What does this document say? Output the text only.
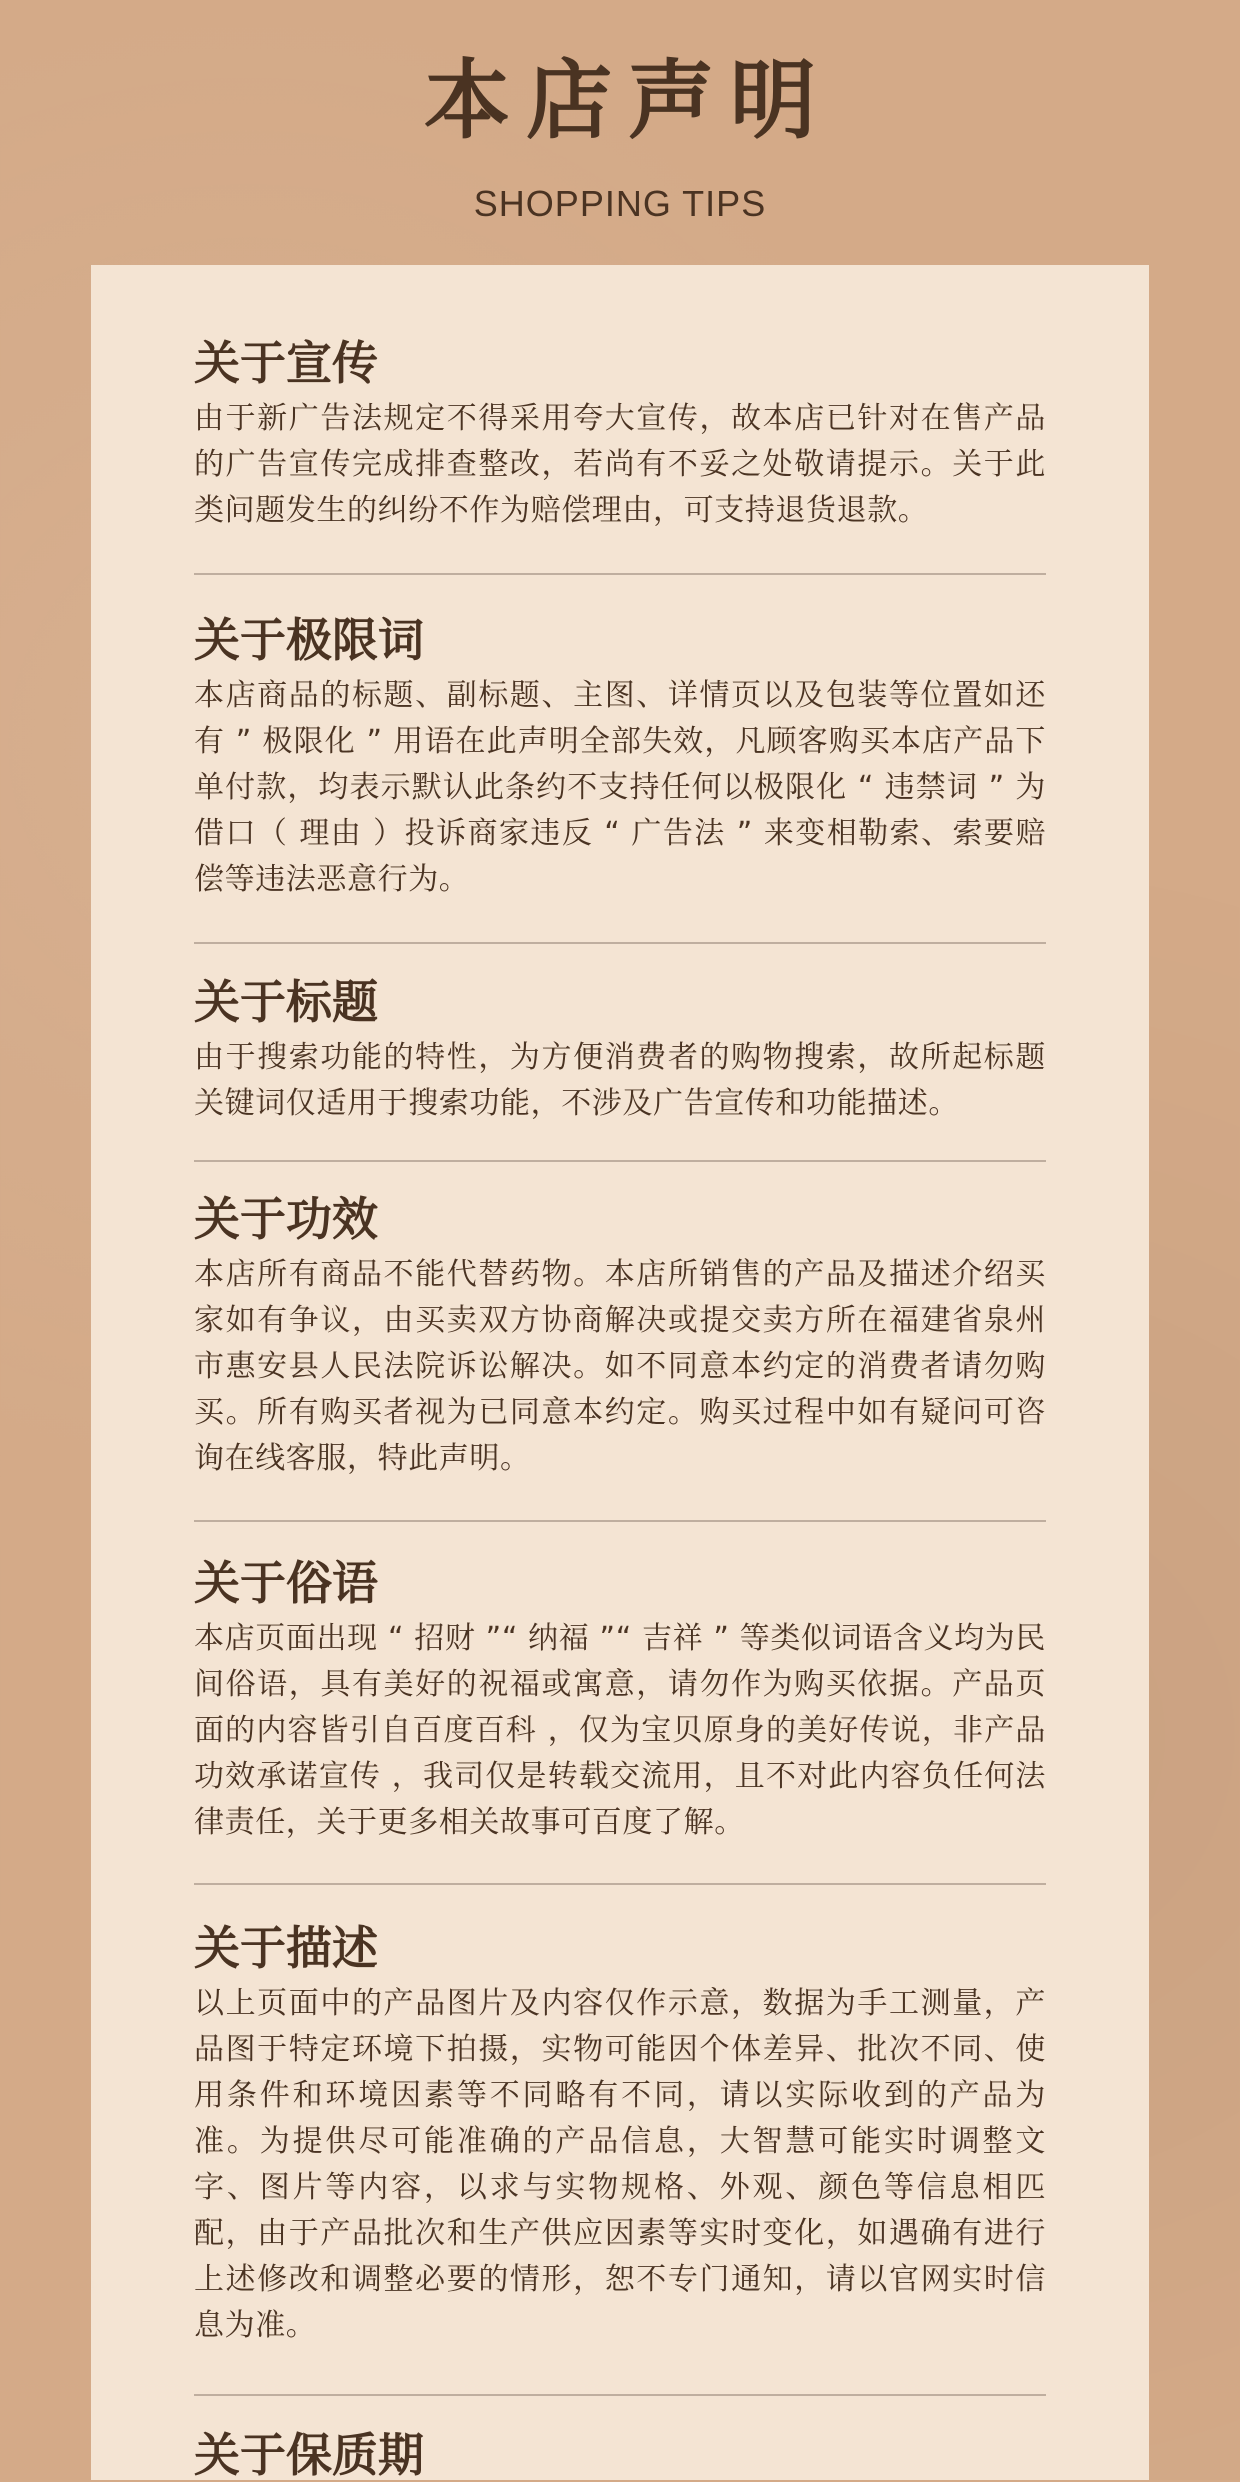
本店声明
SHOPPING TIPS
关于宣传

由于新广告法规定不得采用夸大宣传，故本店已针对在售产品的广告宣传完成排查整改，若尚有不妥之处敬请提示。关于此类问题发生的纠纷不作为赔偿理由，可支持退货退款。

关于极限词

本店商品的标题、副标题、主图、详情页以及包装等位置如还有 ” 极限化 ” 用语在此声明全部失效，凡顾客购买本店产品下单付款，均表示默认此条约不支持任何以极限化 “ 违禁词 ” 为借口（ 理由 ）投诉商家违反 “ 广告法 ” 来变相勒索、索要赔偿等违法恶意行为。

关于标题

由于搜索功能的特性，为方便消费者的购物搜索，故所起标题关键词仅适用于搜索功能，不涉及广告宣传和功能描述。

关于功效

本店所有商品不能代替药物。本店所销售的产品及描述介绍买家如有争议，由买卖双方协商解决或提交卖方所在福建省泉州市惠安县人民法院诉讼解决。如不同意本约定的消费者请勿购买。所有购买者视为已同意本约定。购买过程中如有疑问可咨询在线客服，特此声明。

关于俗语

本店页面出现 “ 招财 ”“ 纳福 ”“ 吉祥 ” 等类似词语含义均为民间俗语，具有美好的祝福或寓意，请勿作为购买依据。产品页面的内容皆引自百度百科 ，仅为宝贝原身的美好传说，非产品功效承诺宣传 ，我司仅是转载交流用，且不对此内容负任何法律责任，关于更多相关故事可百度了解。

关于描述

以上页面中的产品图片及内容仅作示意，数据为手工测量，产品图于特定环境下拍摄，实物可能因个体差异、批次不同、使用条件和环境因素等不同略有不同，请以实际收到的产品为准。为提供尽可能准确的产品信息，大智慧可能实时调整文字、图片等内容，以求与实物规格、外观、颜色等信息相匹配，由于产品批次和生产供应因素等实时变化，如遇确有进行上述修改和调整必要的情形，恕不专门通知，请以官网实时信息为准。

关于保质期
